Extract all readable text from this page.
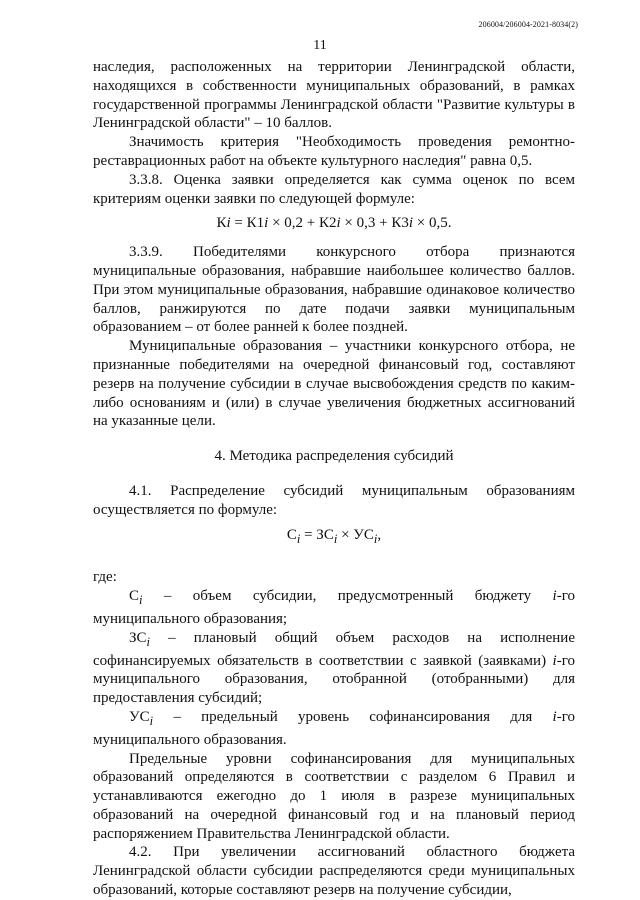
206004/206004-2021-8034(2)
11

наследия, расположенных на территории Ленинградской области, находящихся в собственности муниципальных образований, в рамках государственной программы Ленинградской области "Развитие культуры в Ленинградской области" – 10 баллов.

Значимость критерия "Необходимость проведения ремонтно-реставрационных работ на объекте культурного наследия" равна 0,5.

3.3.8. Оценка заявки определяется как сумма оценок по всем критериям оценки заявки по следующей формуле:

Кi = К1i × 0,2 + К2i × 0,3 + К3i × 0,5.

3.3.9. Победителями конкурсного отбора признаются муниципальные образования, набравшие наибольшее количество баллов. При этом муниципальные образования, набравшие одинаковое количество баллов, ранжируются по дате подачи заявки муниципальным образованием – от более ранней к более поздней.

Муниципальные образования – участники конкурсного отбора, не признанные победителями на очередной финансовый год, составляют резерв на получение субсидии в случае высвобождения средств по каким-либо основаниям и (или) в случае увеличения бюджетных ассигнований на указанные цели.

4. Методика распределения субсидий

4.1. Распределение субсидий муниципальным образованиям осуществляется по формуле:

$С_i = ЗС_i \times УС_i$,

где:

$С_i$ – объем субсидии, предусмотренный бюджету i-го муниципального образования;

$ЗС_i$ – плановый общий объем расходов на исполнение софинансируемых обязательств в соответствии с заявкой (заявками) i-го муниципального образования, отобранной (отобранными) для предоставления субсидий;

$УС_i$ – предельный уровень софинансирования для i-го муниципального образования.

Предельные уровни софинансирования для муниципальных образований определяются в соответствии с разделом 6 Правил и устанавливаются ежегодно до 1 июля в разрезе муниципальных образований на очередной финансовый год и на плановый период распоряжением Правительства Ленинградской области.

4.2. При увеличении ассигнований областного бюджета Ленинградской области субсидии распределяются среди муниципальных образований, которые составляют резерв на получение субсидии,
